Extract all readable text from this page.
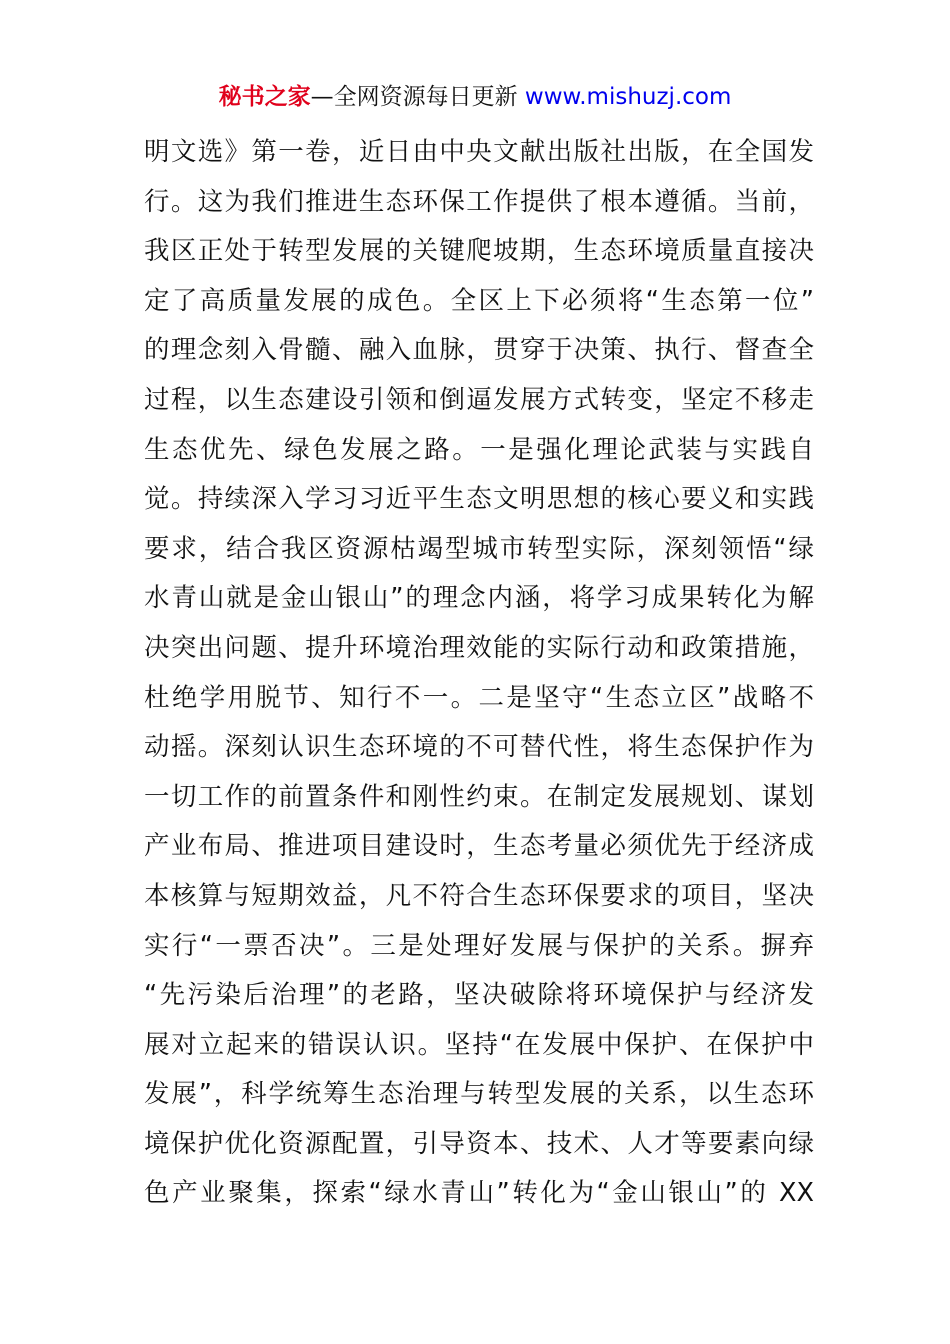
秘书之家—全网资源每日更新 www.mishuzj.com
明文选》第一卷，近日由中央文献出版社出版，在全国发
行。这为我们推进生态环保工作提供了根本遵循。当前，
我区正处于转型发展的关键爬坡期，生态环境质量直接决
定了高质量发展的成色。全区上下必须将“生态第一位”
的理念刻入骨髓、融入血脉，贯穿于决策、执行、督查全
过程，以生态建设引领和倒逼发展方式转变，坚定不移走
生态优先、绿色发展之路。一是强化理论武装与实践自
觉。持续深入学习习近平生态文明思想的核心要义和实践
要求，结合我区资源枯竭型城市转型实际，深刻领悟“绿
水青山就是金山银山”的理念内涵，将学习成果转化为解
决突出问题、提升环境治理效能的实际行动和政策措施，
杜绝学用脱节、知行不一。二是坚守“生态立区”战略不
动摇。深刻认识生态环境的不可替代性，将生态保护作为
一切工作的前置条件和刚性约束。在制定发展规划、谋划
产业布局、推进项目建设时，生态考量必须优先于经济成
本核算与短期效益，凡不符合生态环保要求的项目，坚决
实行“一票否决”。三是处理好发展与保护的关系。摒弃
“先污染后治理”的老路，坚决破除将环境保护与经济发
展对立起来的错误认识。坚持“在发展中保护、在保护中
发展”，科学统筹生态治理与转型发展的关系，以生态环
境保护优化资源配置，引导资本、技术、人才等要素向绿
色产业聚集，探索“绿水青山”转化为“金山银山”的 XX
